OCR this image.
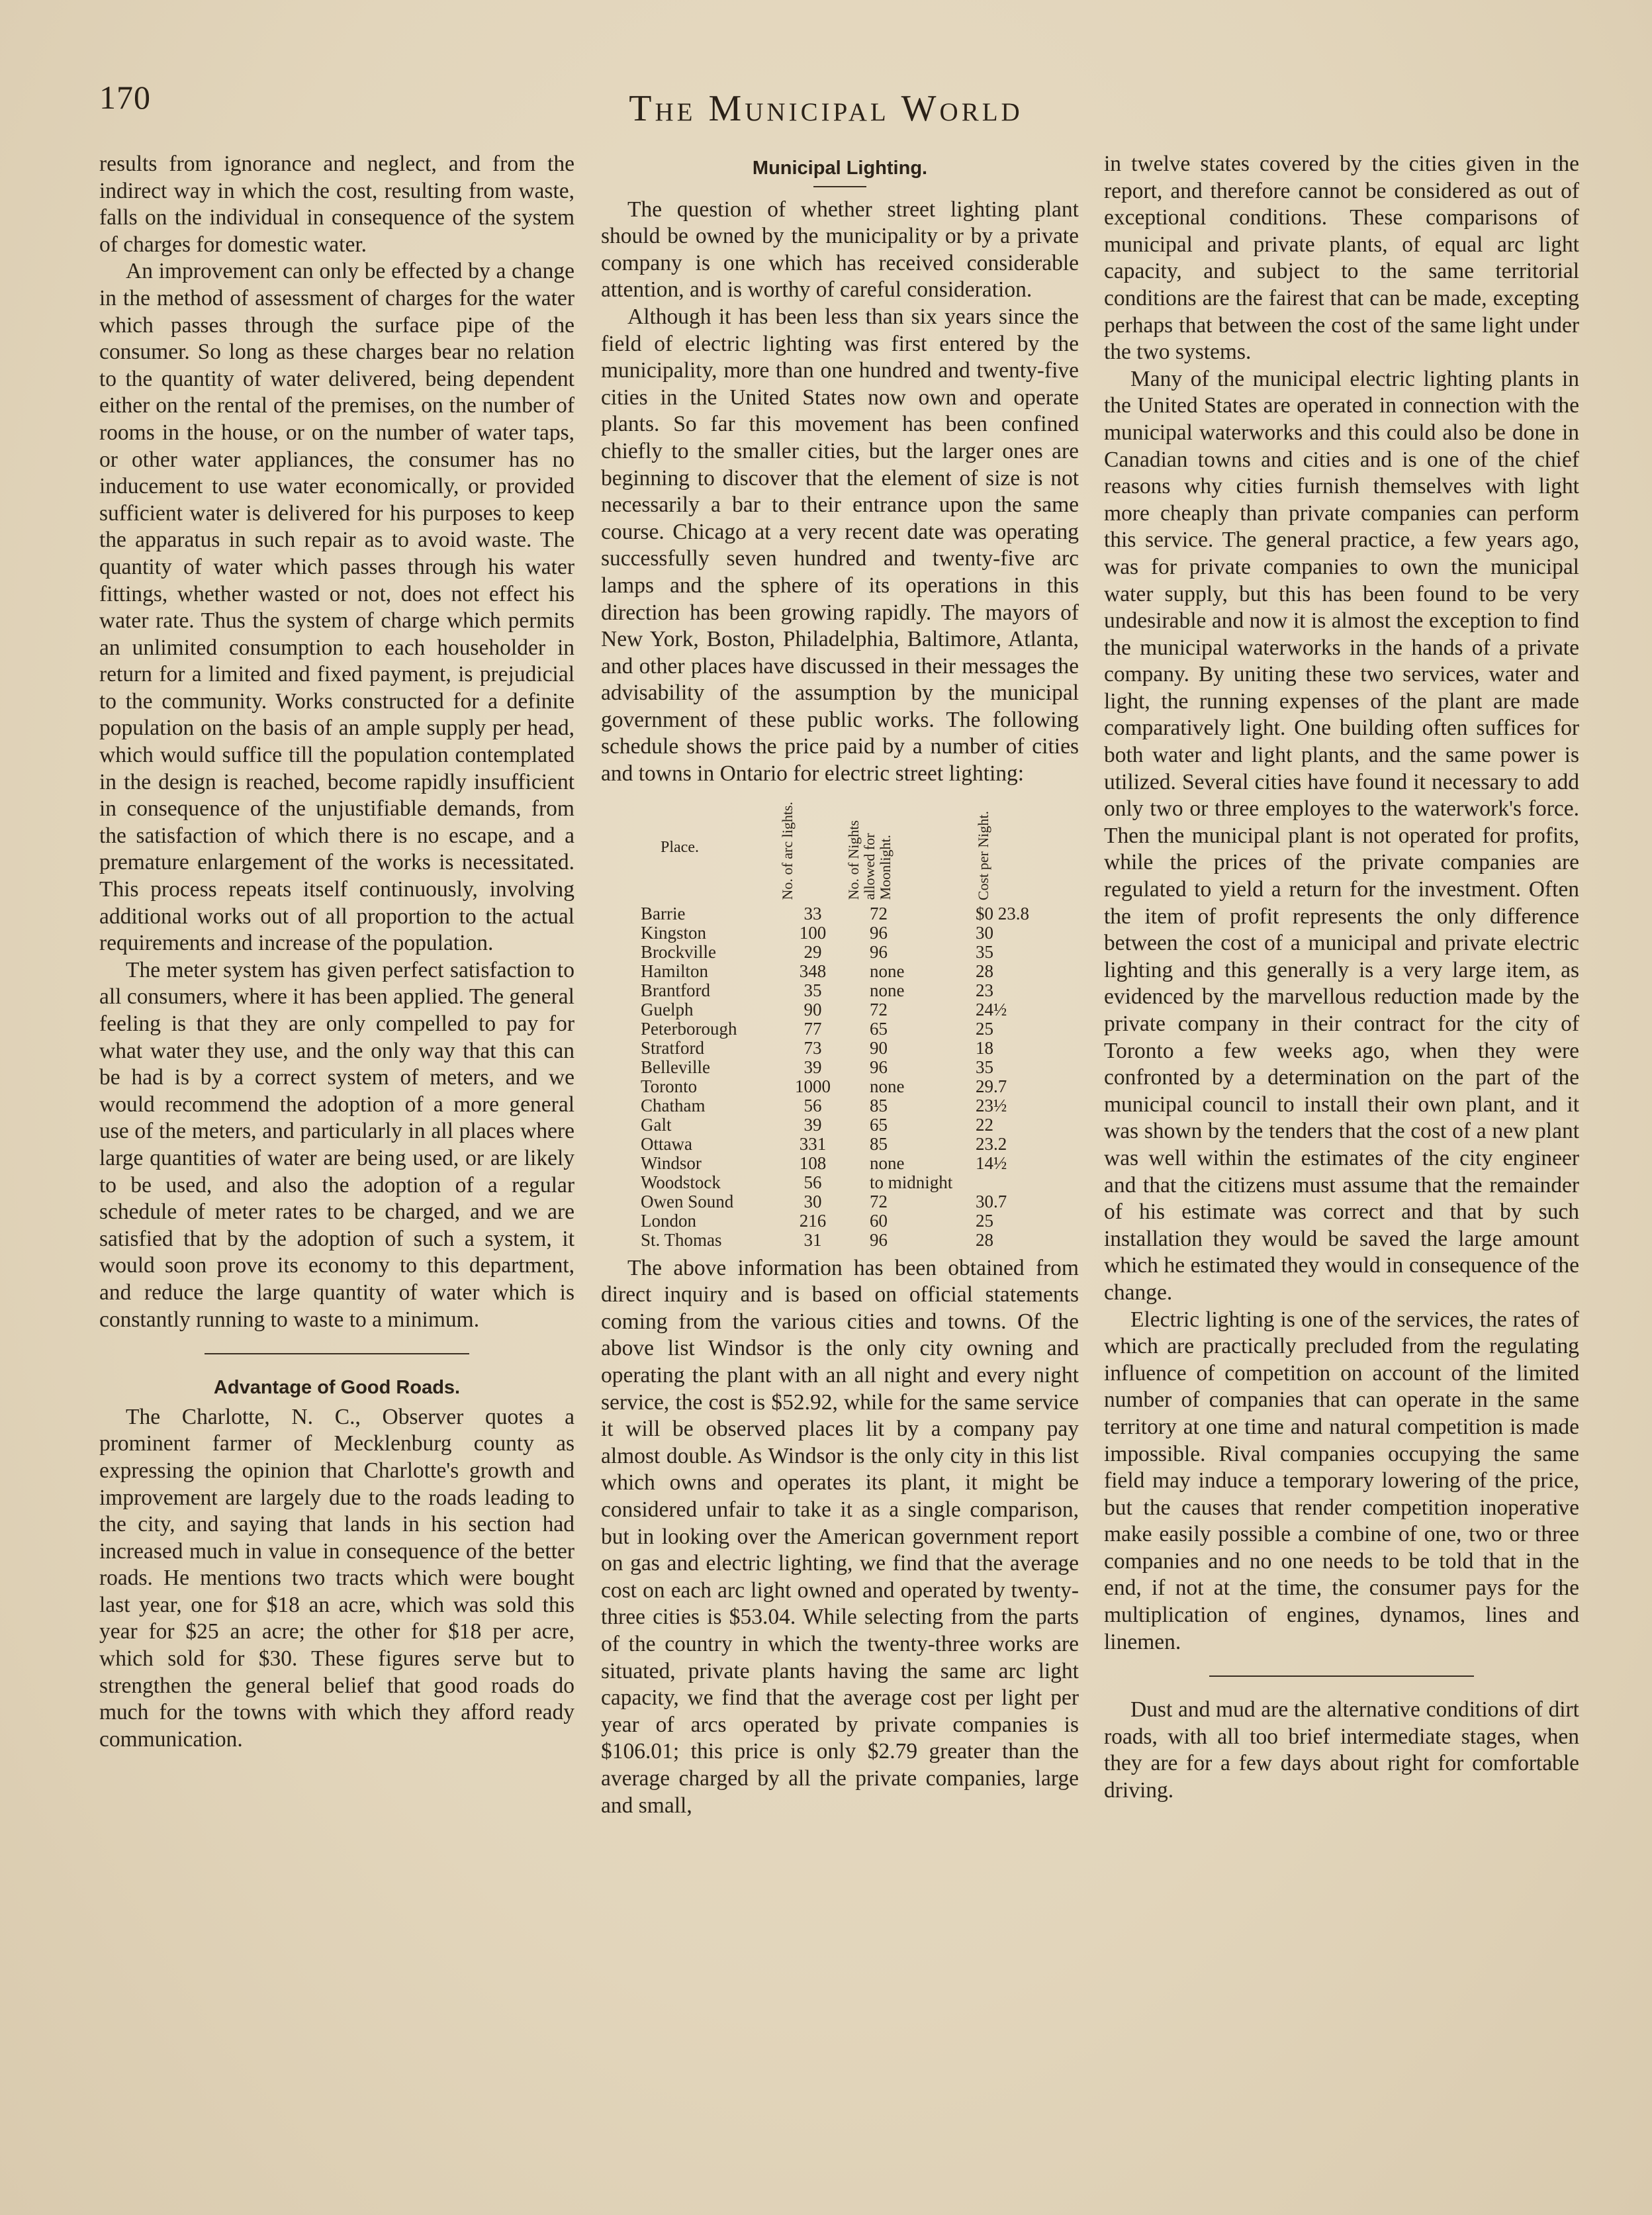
170	The Municipal World

results from ignorance and neglect, and from the indirect way in which the cost, resulting from waste, falls on the individual in consequence of the system of charges for domestic water.

An improvement can only be effected by a change in the method of assessment of charges for the water which passes through the surface pipe of the consumer. So long as these charges bear no relation to the quantity of water delivered, being dependent either on the rental of the premises, on the number of rooms in the house, or on the number of water taps, or other water appliances, the consumer has no inducement to use water economically, or provided sufficient water is delivered for his purposes to keep the apparatus in such repair as to avoid waste. The quantity of water which passes through his water fittings, whether wasted or not, does not effect his water rate. Thus the system of charge which permits an unlimited consumption to each householder in return for a limited and fixed payment, is prejudicial to the community. Works constructed for a definite population on the basis of an ample supply per head, which would suffice till the population contemplated in the design is reached, become rapidly insufficient in consequence of the unjustifiable demands, from the satisfaction of which there is no escape, and a premature enlargement of the works is necessitated. This process repeats itself continuously, involving additional works out of all proportion to the actual requirements and increase of the population.

The meter system has given perfect satisfaction to all consumers, where it has been applied. The general feeling is that they are only compelled to pay for what water they use, and the only way that this can be had is by a correct system of meters, and we would recommend the adoption of a more general use of the meters, and particularly in all places where large quantities of water are being used, or are likely to be used, and also the adoption of a regular schedule of meter rates to be charged, and we are satisfied that by the adoption of such a system, it would soon prove its economy to this department, and reduce the large quantity of water which is constantly running to waste to a minimum.

Advantage of Good Roads.

The Charlotte, N. C., Observer quotes a prominent farmer of Mecklenburg county as expressing the opinion that Charlotte's growth and improvement are largely due to the roads leading to the city, and saying that lands in his section had increased much in value in consequence of the better roads. He mentions two tracts which were bought last year, one for $18 an acre, which was sold this year for $25 an acre; the other for $18 per acre, which sold for $30. These figures serve but to strengthen the general belief that good roads do much for the towns with which they afford ready communication.

Municipal Lighting.

The question of whether street lighting plant should be owned by the municipality or by a private company is one which has received considerable attention, and is worthy of careful consideration.

Although it has been less than six years since the field of electric lighting was first entered by the municipality, more than one hundred and twenty-five cities in the United States now own and operate plants. So far this movement has been confined chiefly to the smaller cities, but the larger ones are beginning to discover that the element of size is not necessarily a bar to their entrance upon the same course. Chicago at a very recent date was operating successfully seven hundred and twenty-five arc lamps and the sphere of its operations in this direction has been growing rapidly. The mayors of New York, Boston, Philadelphia, Baltimore, Atlanta, and other places have discussed in their messages the advisability of the assumption by the municipal government of these public works. The following schedule shows the price paid by a number of cities and towns in Ontario for electric street lighting:

Place.	No. of arc lights.	No. of Nights
allowed for
Moonlight.	Cost per Night.
Barrie	33	72	$0 23.8
Kingston	100	96	30
Brockville	29	96	35
Hamilton	348	none	28
Brantford	35	none	23
Guelph	90	72	24½
Peterborough	77	65	25
Stratford	73	90	18
Belleville	39	96	35
Toronto	1000	none	29.7
Chatham	56	85	23½
Galt	39	65	22
Ottawa	331	85	23.2
Windsor	108	none	14½
Woodstock	56	to midnight	
Owen Sound	30	72	30.7
London	216	60	25
St. Thomas	31	96	28

The above information has been obtained from direct inquiry and is based on official statements coming from the various cities and towns. Of the above list Windsor is the only city owning and operating the plant with an all night and every night service, the cost is $52.92, while for the same service it will be observed places lit by a company pay almost double. As Windsor is the only city in this list which owns and operates its plant, it might be considered unfair to take it as a single comparison, but in looking over the American government report on gas and electric lighting, we find that the average cost on each arc light owned and operated by twenty-three cities is $53.04. While selecting from the parts of the country in which the twenty-three works are situated, private plants having the same arc light capacity, we find that the average cost per light per year of arcs operated by private companies is $106.01; this price is only $2.79 greater than the average charged by all the private companies, large and small,

in twelve states covered by the cities given in the report, and therefore cannot be considered as out of exceptional conditions. These comparisons of municipal and private plants, of equal arc light capacity, and subject to the same territorial conditions are the fairest that can be made, excepting perhaps that between the cost of the same light under the two systems.

Many of the municipal electric lighting plants in the United States are operated in connection with the municipal waterworks and this could also be done in Canadian towns and cities and is one of the chief reasons why cities furnish themselves with light more cheaply than private companies can perform this service. The general practice, a few years ago, was for private companies to own the municipal water supply, but this has been found to be very undesirable and now it is almost the exception to find the municipal waterworks in the hands of a private company. By uniting these two services, water and light, the running expenses of the plant are made comparatively light. One building often suffices for both water and light plants, and the same power is utilized. Several cities have found it necessary to add only two or three employes to the waterwork's force. Then the municipal plant is not operated for profits, while the prices of the private companies are regulated to yield a return for the investment. Often the item of profit represents the only difference between the cost of a municipal and private electric lighting and this generally is a very large item, as evidenced by the marvellous reduction made by the private company in their contract for the city of Toronto a few weeks ago, when they were confronted by a determination on the part of the municipal council to install their own plant, and it was shown by the tenders that the cost of a new plant was well within the estimates of the city engineer and that the citizens must assume that the remainder of his estimate was correct and that by such installation they would be saved the large amount which he estimated they would in consequence of the change.

Electric lighting is one of the services, the rates of which are practically precluded from the regulating influence of competition on account of the limited number of companies that can operate in the same territory at one time and natural competition is made impossible. Rival companies occupying the same field may induce a temporary lowering of the price, but the causes that render competition inoperative make easily possible a combine of one, two or three companies and no one needs to be told that in the end, if not at the time, the consumer pays for the multiplication of engines, dynamos, lines and linemen.

Dust and mud are the alternative conditions of dirt roads, with all too brief intermediate stages, when they are for a few days about right for comfortable driving.
